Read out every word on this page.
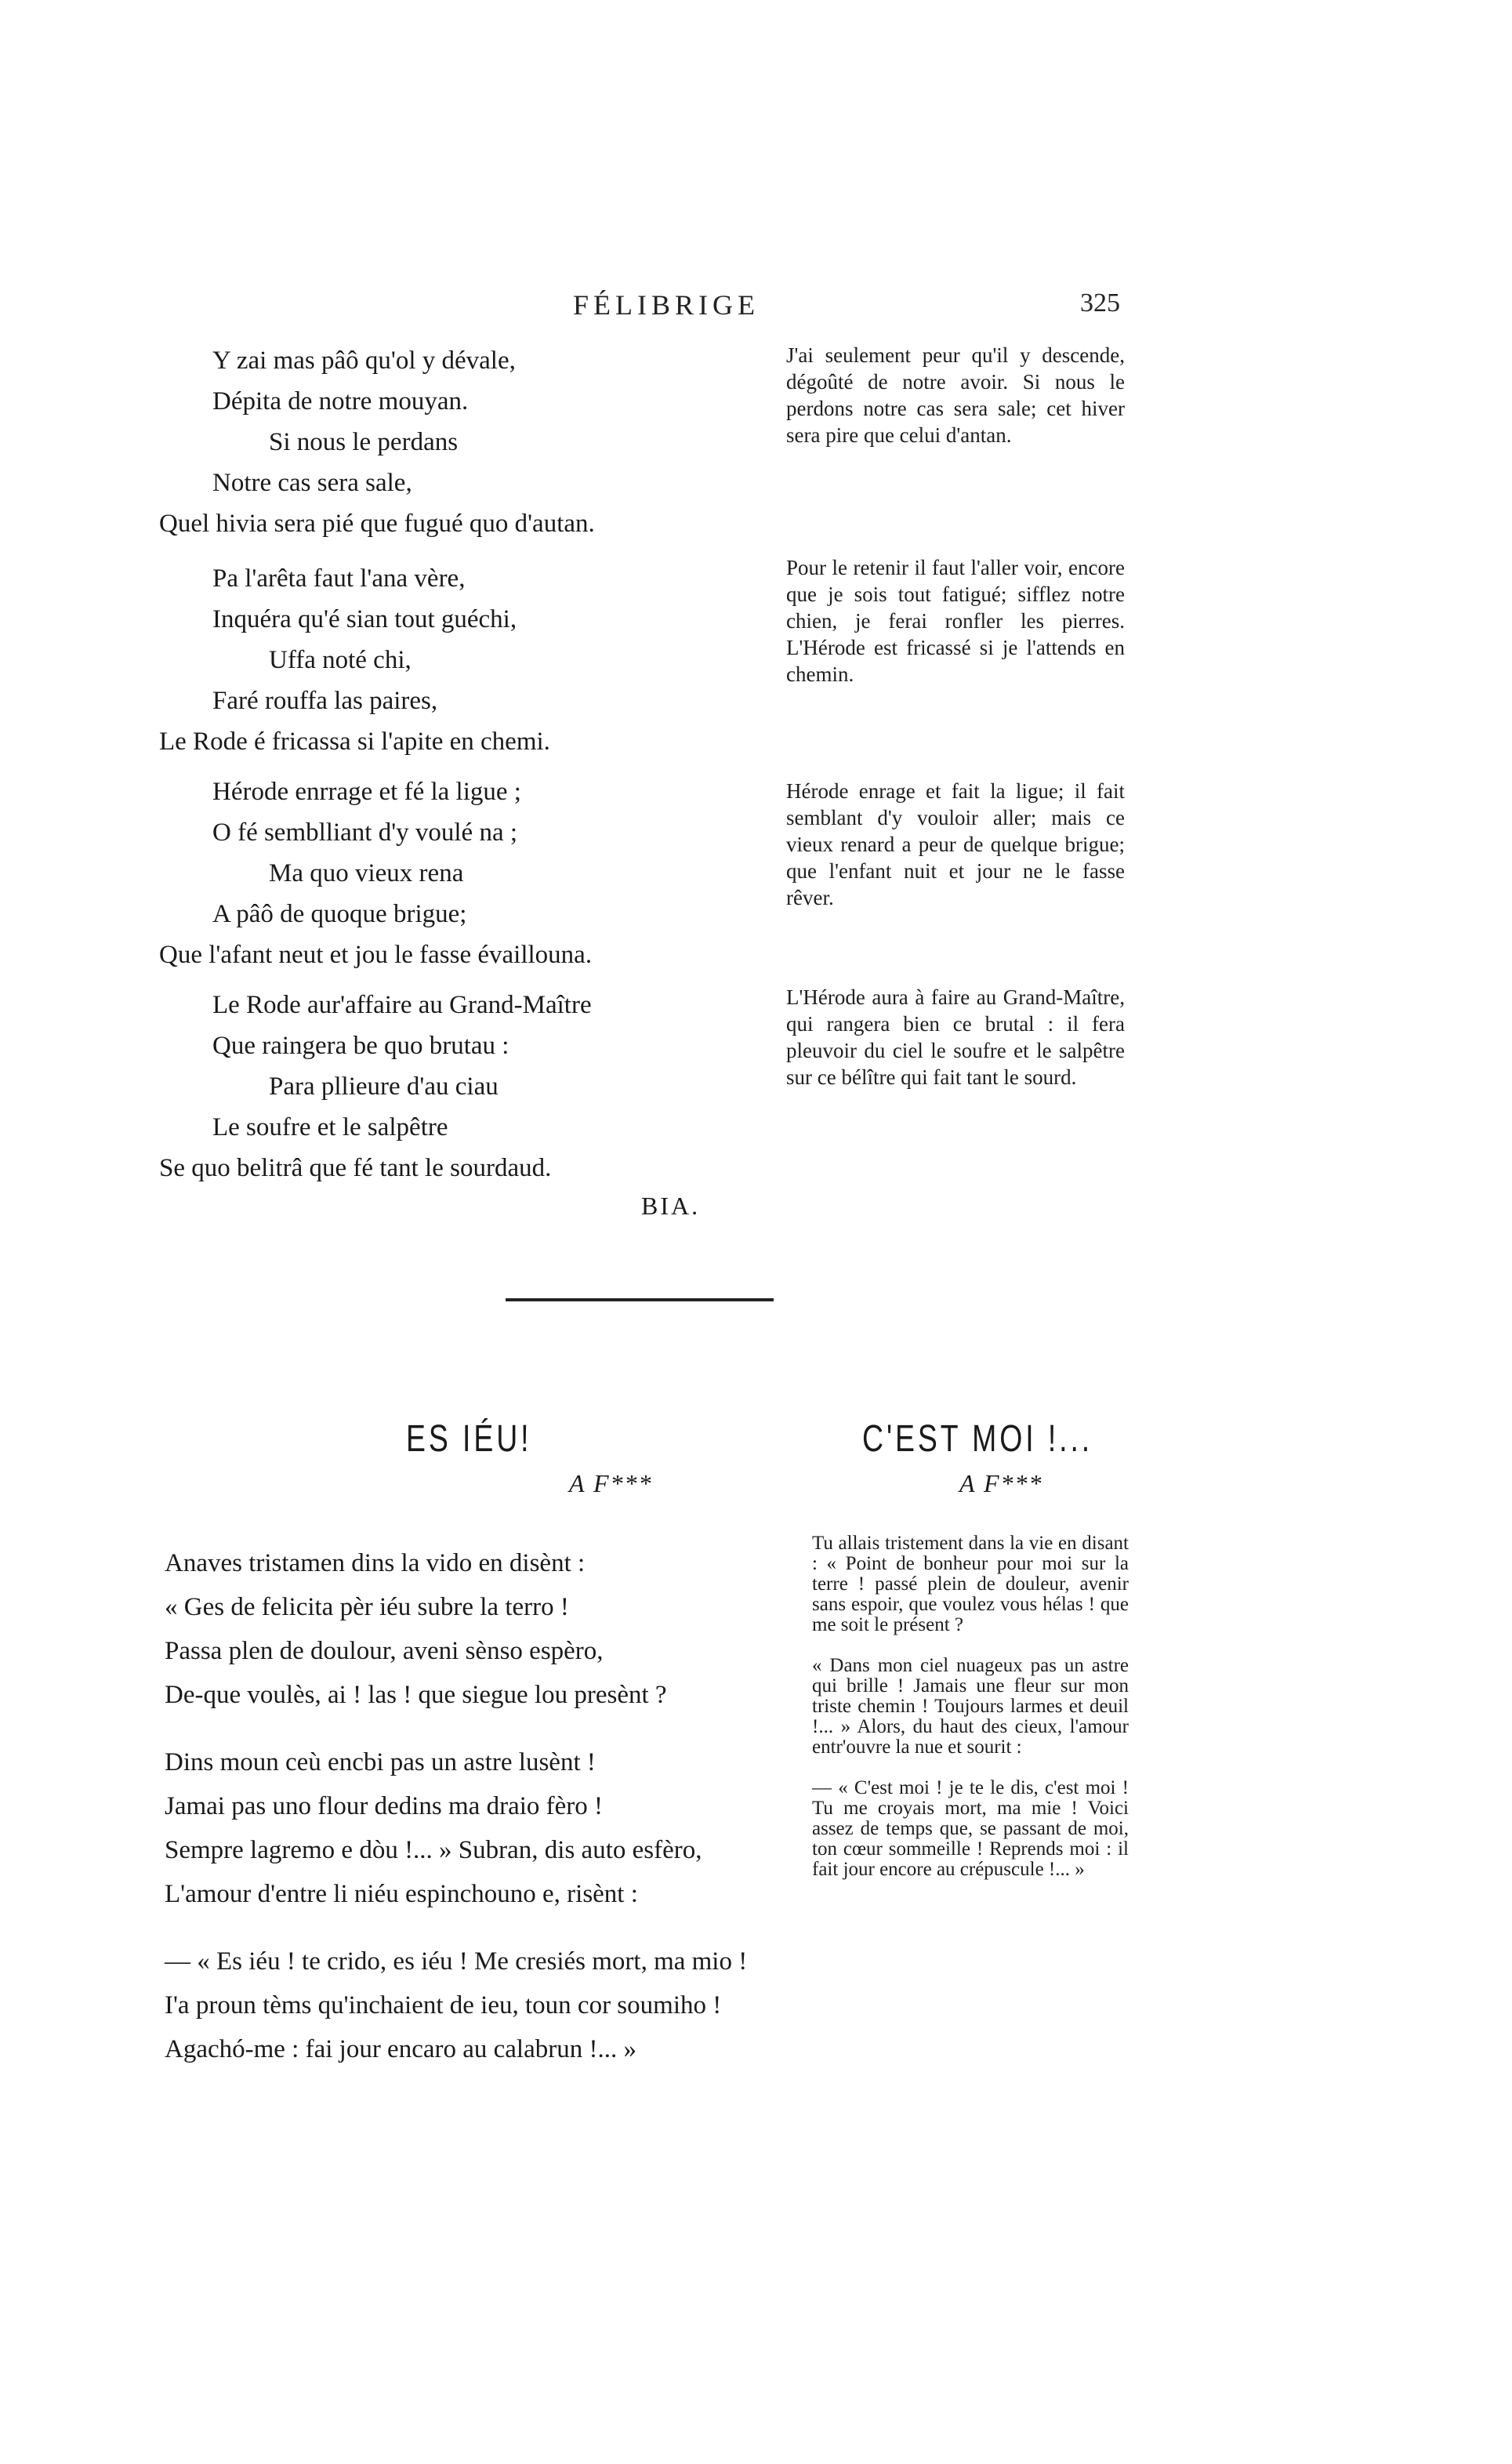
FÉLIBRIGE	325
Y zai mas pâô qu'ol y dévale,
Dépita de notre mouyan.
Si nous le perdans
Notre cas sera sale,
Quel hivia sera pié que fugué quo d'autan.
Pa l'arêta faut l'ana vère,
Inquéra qu'é sian tout guéchi,
Uffa noté chi,
Faré rouffa las paires,
Le Rode é fricassa si l'apite en chemi.
Hérode enrrage et fé la ligue ;
O fé semblliant d'y voulé na ;
Ma quo vieux rena
A pâô de quoque brigue;
Que l'afant neut et jou le fasse évaillouna.
Le Rode aur'affaire au Grand-Maître
Que raingera be quo brutau :
Para pllieure d'au ciau
Le soufre et le salpêtre
Se quo belitrâ que fé tant le sourdaud.
BIA.

J'ai seulement peur qu'il y descende, dégoûté de notre avoir. Si nous le perdons notre cas sera sale; cet hiver sera pire que celui d'antan.

Pour le retenir il faut l'aller voir, encore que je sois tout fatigué; sifflez notre chien, je ferai ronfler les pierres. L'Hérode est fricassé si je l'attends en chemin.

Hérode enrage et fait la ligue; il fait semblant d'y vouloir aller; mais ce vieux renard a peur de quelque brigue; que l'enfant nuit et jour ne le fasse rêver.

L'Hérode aura à faire au Grand-Maître, qui rangera bien ce brutal : il fera pleuvoir du ciel le soufre et le salpêtre sur ce bélître qui fait tant le sourd.

ES IÉU!
A F***
Anaves tristamen dins la vido en disènt :
« Ges de felicita pèr iéu subre la terro !
Passa plen de doulour, aveni sènso espèro,
De-que voulès, ai ! las ! que siegue lou presènt ?
Dins moun ceù encbi pas un astre lusènt !
Jamai pas uno flour dedins ma draio fèro !
Sempre lagremo e dòu !... » Subran, dis auto esfèro,
L'amour d'entre li niéu espinchouno e, risènt :
— « Es iéu ! te crido, es iéu ! Me cresiés mort, ma mio !
I'a proun tèms qu'inchaient de ieu, toun cor soumiho !
Agachó-me : fai jour encaro au calabrun !... »
C'EST MOI !...
A F***

Tu allais tristement dans la vie en disant : « Point de bonheur pour moi sur la terre ! passé plein de douleur, avenir sans espoir, que voulez vous hélas ! que me soit le présent ?

« Dans mon ciel nuageux pas un astre qui brille ! Jamais une fleur sur mon triste chemin ! Toujours larmes et deuil !... » Alors, du haut des cieux, l'amour entr'ouvre la nue et sourit :

— « C'est moi ! je te le dis, c'est moi ! Tu me croyais mort, ma mie ! Voici assez de temps que, se passant de moi, ton cœur sommeille ! Reprends moi : il fait jour encore au crépuscule !... »
